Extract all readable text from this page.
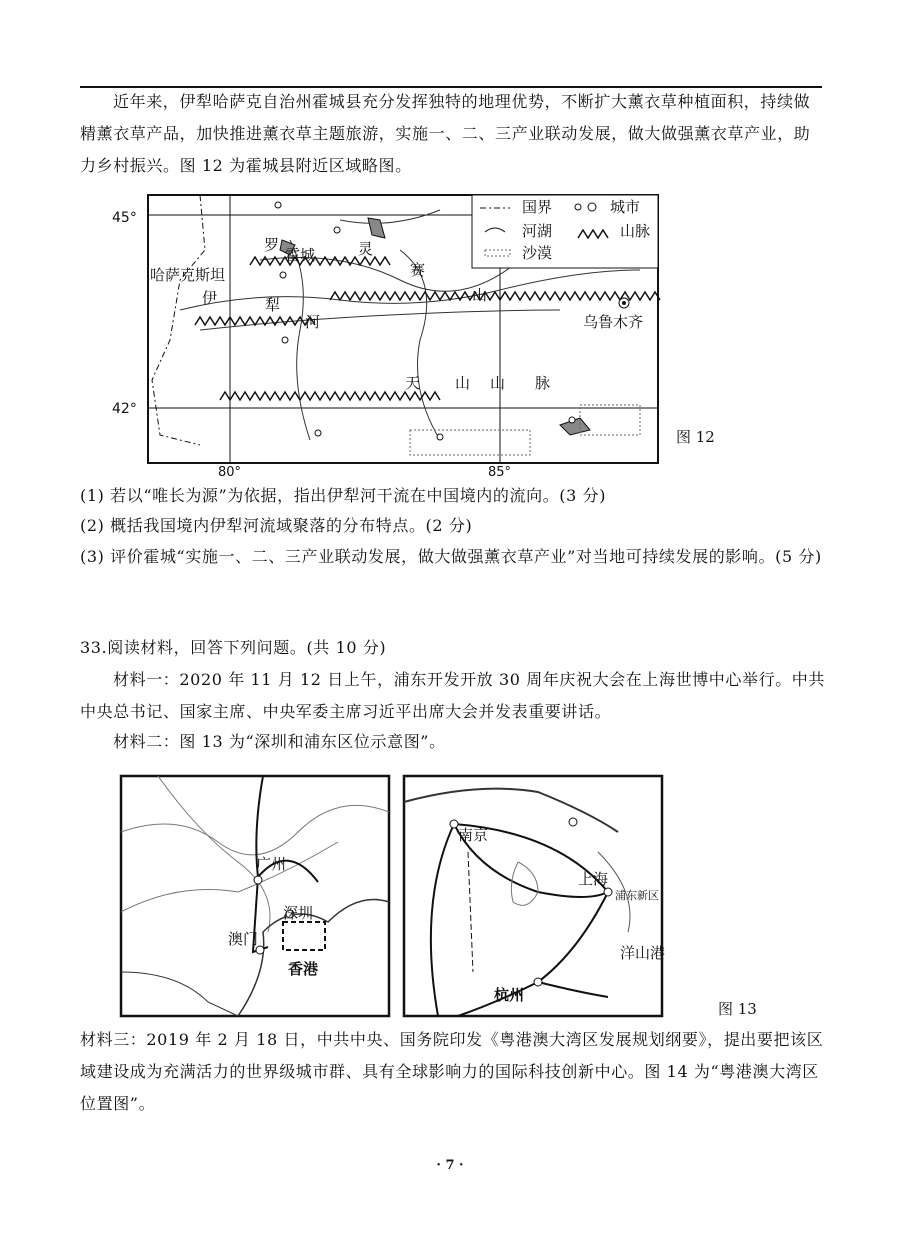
近年来，伊犁哈萨克自治州霍城县充分发挥独特的地理优势，不断扩大薰衣草种植面积，持续做精薰衣草产品，加快推进薰衣草主题旅游，实施一、二、三产业联动发展，做大做强薰衣草产业，助力乡村振兴。图 12 为霍城县附近区域略图。
国界	城市
河湖	山脉
沙漠
45°
42°
80°	85°
哈萨克斯坦
霍城
乌鲁木齐
伊	犁
河
罗	灵
赛
山
天 山 山 脉
图 12
(1) 若以“唯长为源”为依据，指出伊犁河干流在中国境内的流向。(3 分)
(2) 概括我国境内伊犁河流域聚落的分布特点。(2 分)
(3) 评价霍城“实施一、二、三产业联动发展，做大做强薰衣草产业”对当地可持续发展的影响。(5 分)
33.阅读材料，回答下列问题。(共 10 分)
材料一：2020 年 11 月 12 日上午，浦东开发开放 30 周年庆祝大会在上海世博中心举行。中共中央总书记、国家主席、中央军委主席习近平出席大会并发表重要讲话。
材料二：图 13 为“深圳和浦东区位示意图”。
广州
深圳
澳门
香港
南京
上海
浦东新区
洋山港
杭州
图 13
材料三：2019 年 2 月 18 日，中共中央、国务院印发《粤港澳大湾区发展规划纲要》，提出要把该区域建设成为充满活力的世界级城市群、具有全球影响力的国际科技创新中心。图 14 为“粤港澳大湾区位置图”。
· 7 ·
